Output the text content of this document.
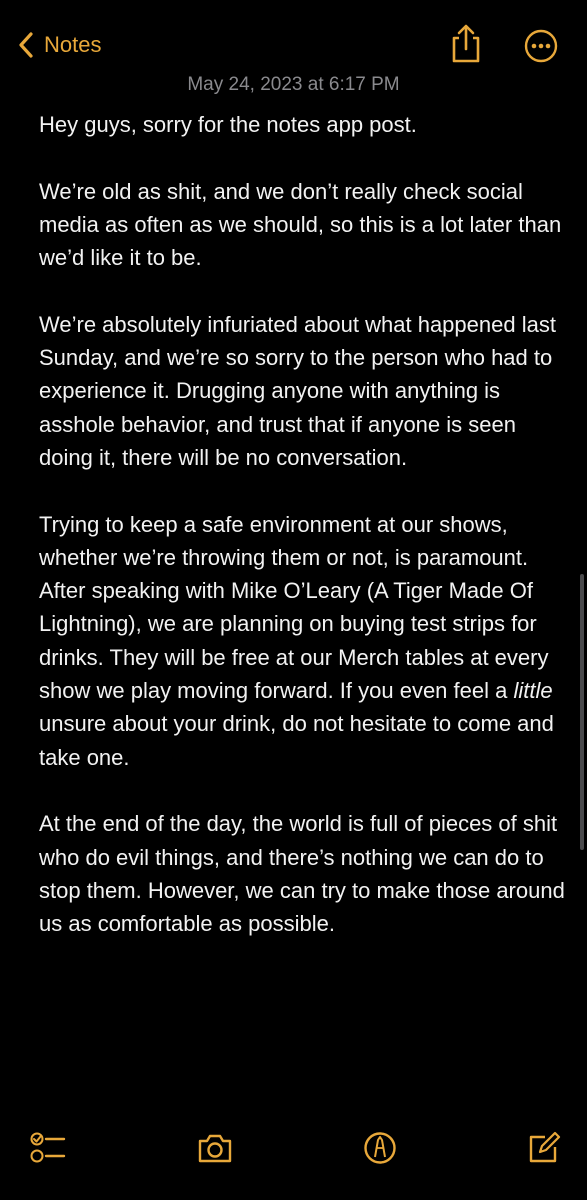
Notes
May 24, 2023 at 6:17 PM

Hey guys, sorry for the notes app post.

We’re old as shit, and we don’t really check social media as often as we should, so this is a lot later than we’d like it to be.

We’re absolutely infuriated about what happened last Sunday, and we’re so sorry to the person who had to experience it. Drugging anyone with anything is asshole behavior, and trust that if anyone is seen doing it, there will be no conversation.

Trying to keep a safe environment at our shows, whether we’re throwing them or not, is paramount. After speaking with Mike O’Leary (A Tiger Made Of Lightning), we are planning on buying test strips for drinks. They will be free at our Merch tables at every show we play moving forward. If you even feel a little unsure about your drink, do not hesitate to come and take one.

At the end of the day, the world is full of pieces of shit who do evil things, and there’s nothing we can do to stop them. However, we can try to make those around us as comfortable as possible.
